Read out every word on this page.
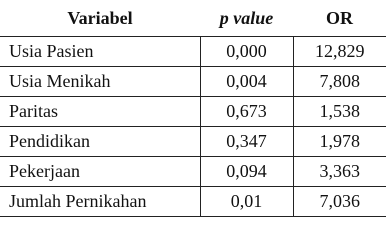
Variabel	p value	OR
Usia Pasien	0,000	12,829
Usia Menikah	0,004	7,808
Paritas	0,673	1,538
Pendidikan	0,347	1,978
Pekerjaan	0,094	3,363
Jumlah Pernikahan	0,01	7,036
